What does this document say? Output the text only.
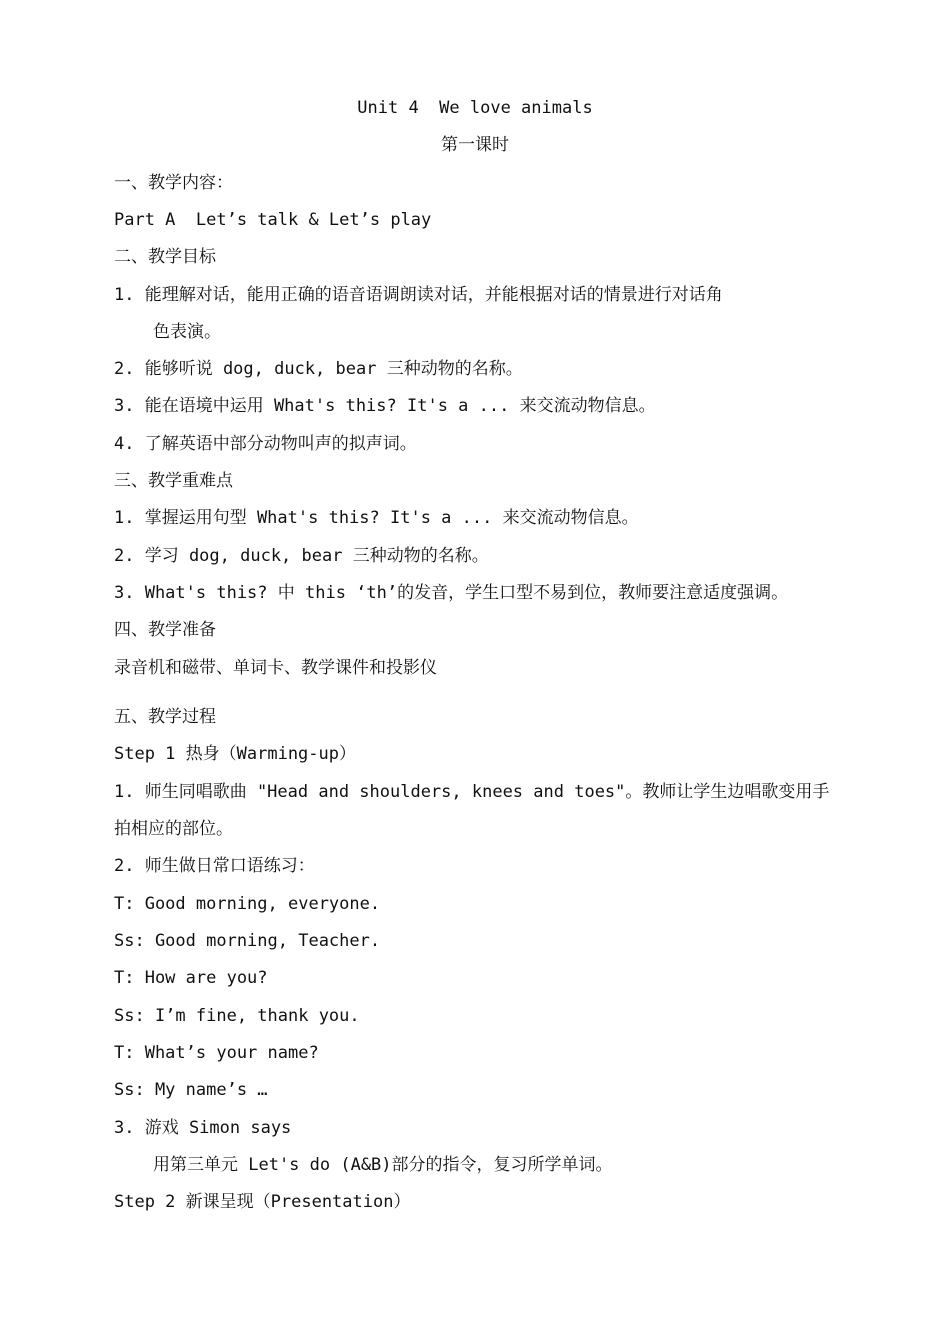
Unit 4  We love animals
第一课时
一、教学内容：
Part A  Let’s talk & Let’s play
二、教学目标
1. 能理解对话，能用正确的语音语调朗读对话，并能根据对话的情景进行对话角
色表演。
2. 能够听说 dog, duck, bear 三种动物的名称。
3. 能在语境中运用 What's this? It's a ... 来交流动物信息。
4. 了解英语中部分动物叫声的拟声词。
三、教学重难点
1. 掌握运用句型 What's this? It's a ... 来交流动物信息。
2. 学习 dog, duck, bear 三种动物的名称。
3. What's this? 中 this ‘th’的发音，学生口型不易到位，教师要注意适度强调。
四、教学准备
录音机和磁带、单词卡、教学课件和投影仪
五、教学过程
Step 1 热身（Warming-up）
1. 师生同唱歌曲 "Head and shoulders, knees and toes"。教师让学生边唱歌变用手
拍相应的部位。
2. 师生做日常口语练习：
T: Good morning, everyone.
Ss: Good morning, Teacher.
T: How are you?
Ss: I’m fine, thank you.
T: What’s your name?
Ss: My name’s …
3. 游戏 Simon says
用第三单元 Let's do (A&B)部分的指令，复习所学单词。
Step 2 新课呈现（Presentation）
